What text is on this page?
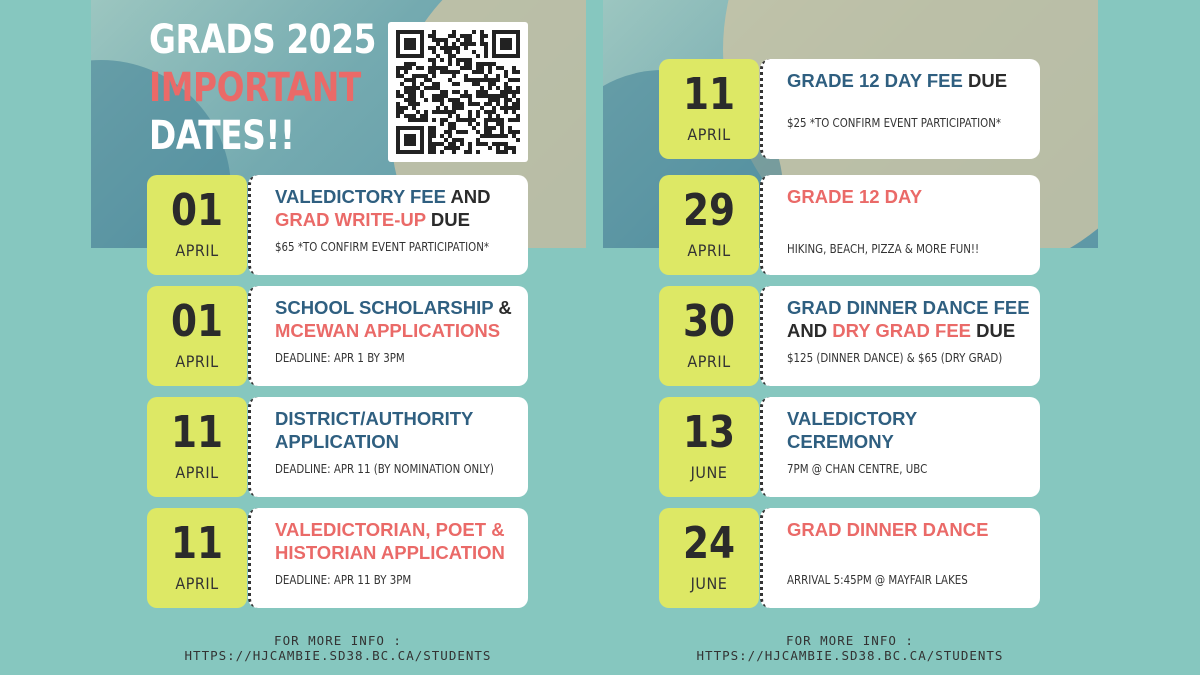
GRADS 2025
IMPORTANT
DATES!!
01
APRIL
VALEDICTORY FEE AND
GRAD WRITE-UP DUE
$65 *TO CONFIRM EVENT PARTICIPATION*
01
APRIL
SCHOOL SCHOLARSHIP &
MCEWAN APPLICATIONS
DEADLINE: APR 1 BY 3PM
11
APRIL
DISTRICT/AUTHORITY
APPLICATION
DEADLINE: APR 11 (BY NOMINATION ONLY)
11
APRIL
VALEDICTORIAN, POET &
HISTORIAN APPLICATION
DEADLINE: APR 11 BY 3PM
11
APRIL
GRADE 12 DAY FEE DUE
$25 *TO CONFIRM EVENT PARTICIPATION*
29
APRIL
GRADE 12 DAY
HIKING, BEACH, PIZZA & MORE FUN!!
30
APRIL
GRAD DINNER DANCE FEE
AND DRY GRAD FEE DUE
$125 (DINNER DANCE) & $65 (DRY GRAD)
13
JUNE
VALEDICTORY
CEREMONY
7PM @ CHAN CENTRE, UBC
24
JUNE
GRAD DINNER DANCE
ARRIVAL 5:45PM @ MAYFAIR LAKES
FOR MORE INFO :
HTTPS://HJCAMBIE.SD38.BC.CA/STUDENTS
FOR MORE INFO :
HTTPS://HJCAMBIE.SD38.BC.CA/STUDENTS
